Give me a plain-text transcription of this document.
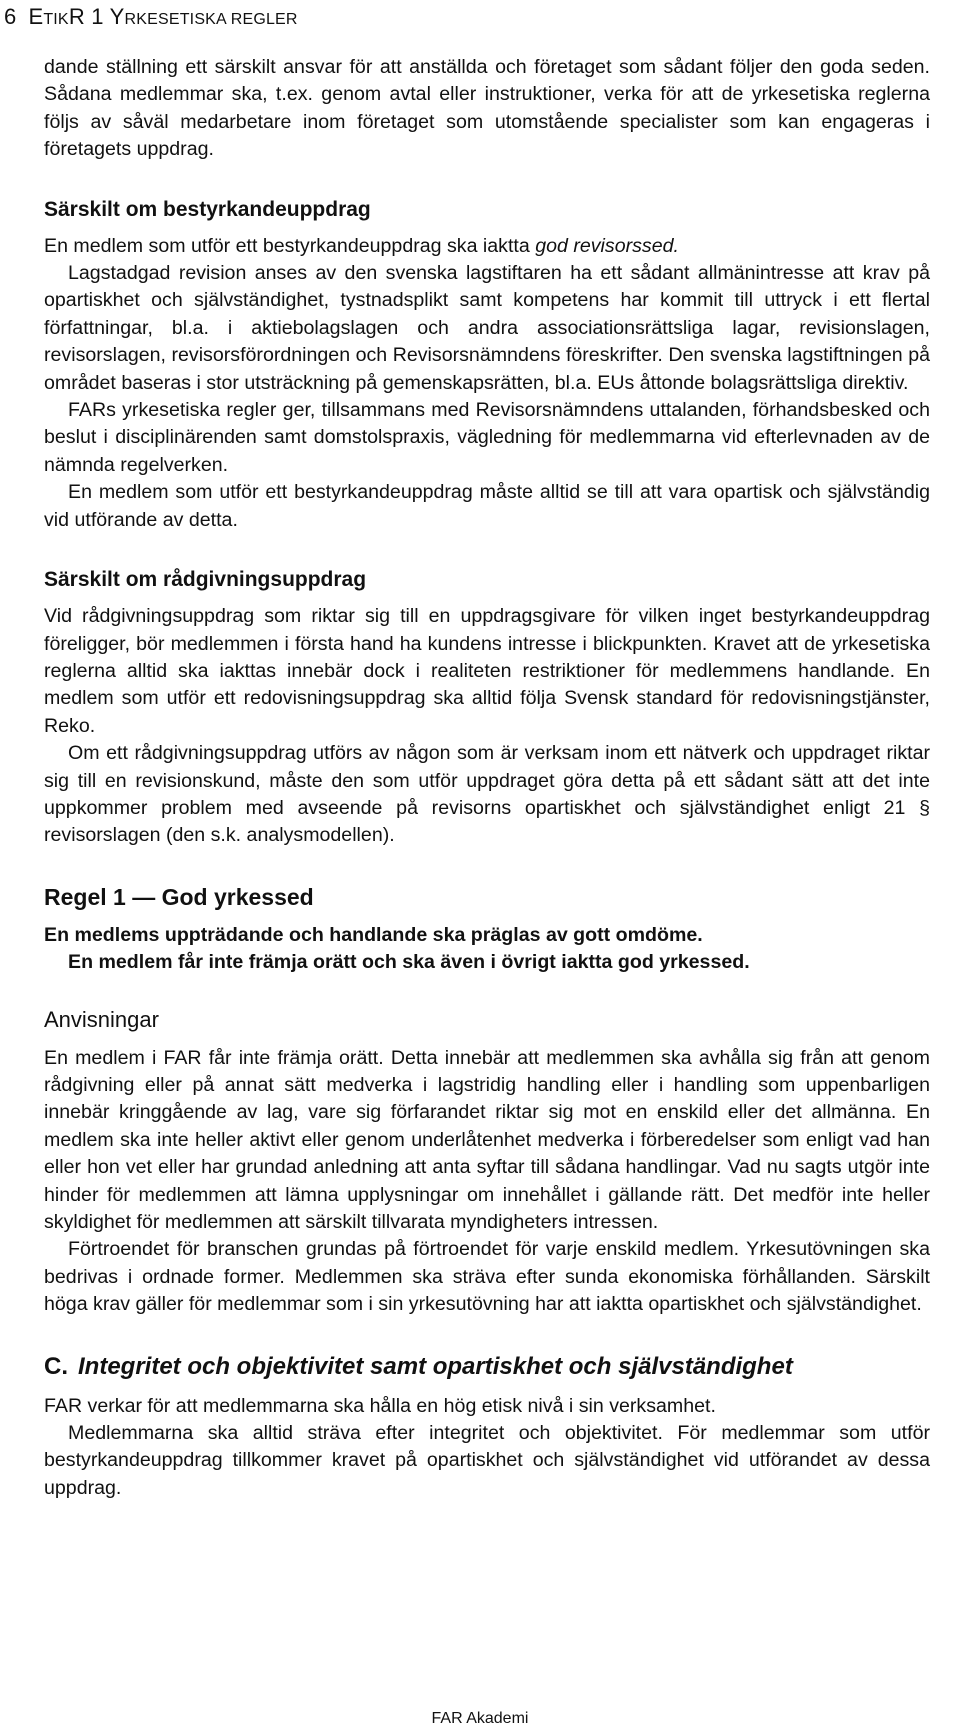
6 ETIKR 1 YRKESETISKA REGLER

dande ställning ett särskilt ansvar för att anställda och företaget som sådant följer den goda seden. Sådana medlemmar ska, t.ex. genom avtal eller instruktioner, verka för att de yrkesetiska reglerna följs av såväl medarbetare inom företaget som utomstående specialister som kan engageras i företagets uppdrag.

Särskilt om bestyrkandeuppdrag

En medlem som utför ett bestyrkandeuppdrag ska iaktta god revisorssed.

Lagstadgad revision anses av den svenska lagstiftaren ha ett sådant allmänintresse att krav på opartiskhet och självständighet, tystnadsplikt samt kompetens har kommit till uttryck i ett flertal författningar, bl.a. i aktiebolagslagen och andra associationsrättsliga lagar, revisionslagen, revisorslagen, revisorsförordningen och Revisorsnämndens föreskrifter. Den svenska lagstiftningen på området baseras i stor utsträckning på gemenskapsrätten, bl.a. EUs åttonde bolagsrättsliga direktiv.

FARs yrkesetiska regler ger, tillsammans med Revisorsnämndens uttalanden, förhandsbesked och beslut i disciplinärenden samt domstolspraxis, vägledning för medlemmarna vid efterlevnaden av de nämnda regelverken.

En medlem som utför ett bestyrkandeuppdrag måste alltid se till att vara opartisk och självständig vid utförande av detta.

Särskilt om rådgivningsuppdrag

Vid rådgivningsuppdrag som riktar sig till en uppdragsgivare för vilken inget bestyrkandeuppdrag föreligger, bör medlemmen i första hand ha kundens intresse i blickpunkten. Kravet att de yrkesetiska reglerna alltid ska iakttas innebär dock i realiteten restriktioner för medlemmens handlande. En medlem som utför ett redovisningsuppdrag ska alltid följa Svensk standard för redovisningstjänster, Reko.

Om ett rådgivningsuppdrag utförs av någon som är verksam inom ett nätverk och uppdraget riktar sig till en revisionskund, måste den som utför uppdraget göra detta på ett sådant sätt att det inte uppkommer problem med avseende på revisorns opartiskhet och självständighet enligt 21 § revisorslagen (den s.k. analysmodellen).

Regel 1 — God yrkessed

En medlems uppträdande och handlande ska präglas av gott omdöme.

En medlem får inte främja orätt och ska även i övrigt iaktta god yrkessed.

Anvisningar

En medlem i FAR får inte främja orätt. Detta innebär att medlemmen ska avhålla sig från att genom rådgivning eller på annat sätt medverka i lagstridig handling eller i handling som uppenbarligen innebär kringgående av lag, vare sig förfarandet riktar sig mot en enskild eller det allmänna. En medlem ska inte heller aktivt eller genom underlåtenhet medverka i förberedelser som enligt vad han eller hon vet eller har grundad anledning att anta syftar till sådana handlingar. Vad nu sagts utgör inte hinder för medlemmen att lämna upplysningar om innehållet i gällande rätt. Det medför inte heller skyldighet för medlemmen att särskilt tillvarata myndigheters intressen.

Förtroendet för branschen grundas på förtroendet för varje enskild medlem. Yrkesutövningen ska bedrivas i ordnade former. Medlemmen ska sträva efter sunda ekonomiska förhållanden. Särskilt höga krav gäller för medlemmar som i sin yrkesutövning har att iaktta opartiskhet och självständighet.

C. Integritet och objektivitet samt opartiskhet och självständighet

FAR verkar för att medlemmarna ska hålla en hög etisk nivå i sin verksamhet.

Medlemmarna ska alltid sträva efter integritet och objektivitet. För medlemmar som utför bestyrkandeuppdrag tillkommer kravet på opartiskhet och självständighet vid utförandet av dessa uppdrag.

FAR Akademi
